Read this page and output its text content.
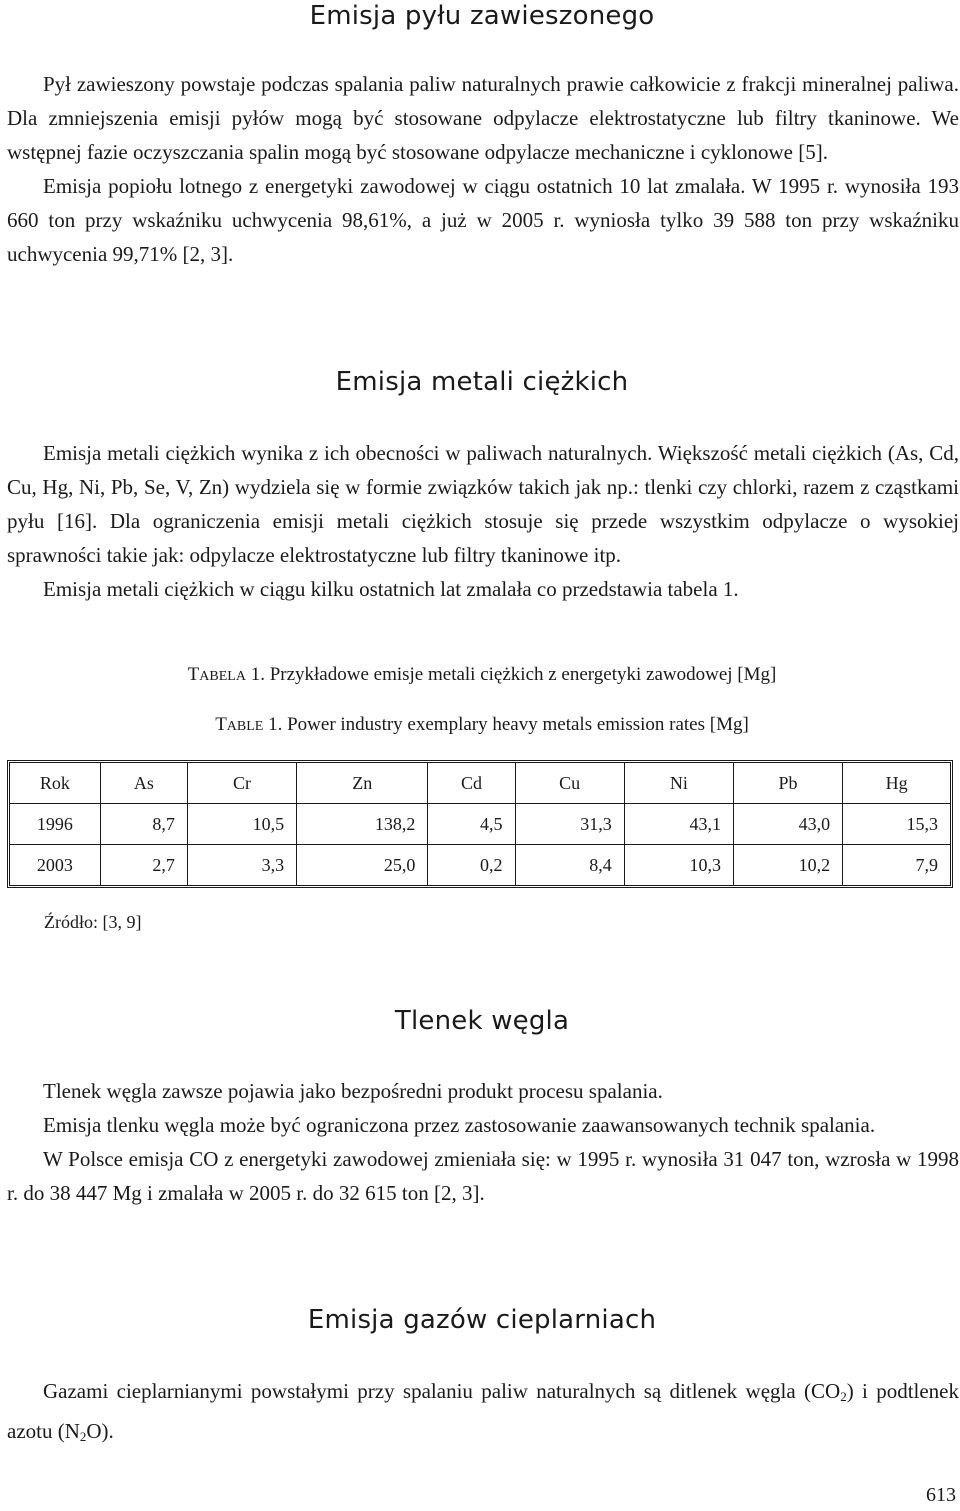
Emisja pyłu zawieszonego

Pył zawieszony powstaje podczas spalania paliw naturalnych prawie całkowicie z frakcji mineralnej paliwa. Dla zmniejszenia emisji pyłów mogą być stosowane odpylacze elektrostatyczne lub filtry tkaninowe. We wstępnej fazie oczyszczania spalin mogą być stosowane odpylacze mechaniczne i cyklonowe [5].

Emisja popiołu lotnego z energetyki zawodowej w ciągu ostatnich 10 lat zmalała. W 1995 r. wynosiła 193 660 ton przy wskaźniku uchwycenia 98,61%, a już w 2005 r. wyniosła tylko 39 588 ton przy wskaźniku uchwycenia 99,71% [2, 3].

Emisja metali ciężkich

Emisja metali ciężkich wynika z ich obecności w paliwach naturalnych. Większość metali ciężkich (As, Cd, Cu, Hg, Ni, Pb, Se, V, Zn) wydziela się w formie związków takich jak np.: tlenki czy chlorki, razem z cząstkami pyłu [16]. Dla ograniczenia emisji metali ciężkich stosuje się przede wszystkim odpylacze o wysokiej sprawności takie jak: odpylacze elektrostatyczne lub filtry tkaninowe itp.

Emisja metali ciężkich w ciągu kilku ostatnich lat zmalała co przedstawia tabela 1.

TABELA 1. Przykładowe emisje metali ciężkich z energetyki zawodowej [Mg]
TABLE 1. Power industry exemplary heavy metals emission rates [Mg]
Rok	As	Cr	Zn	Cd	Cu	Ni	Pb	Hg
1996	8,7	10,5	138,2	4,5	31,3	43,1	43,0	15,3
2003	2,7	3,3	25,0	0,2	8,4	10,3	10,2	7,9
Źródło: [3, 9]
Tlenek węgla

Tlenek węgla zawsze pojawia jako bezpośredni produkt procesu spalania.

Emisja tlenku węgla może być ograniczona przez zastosowanie zaawansowanych technik spalania.

W Polsce emisja CO z energetyki zawodowej zmieniała się: w 1995 r. wynosiła 31 047 ton, wzrosła w 1998 r. do 38 447 Mg i zmalała w 2005 r. do 32 615 ton [2, 3].

Emisja gazów cieplarniach

Gazami cieplarnianymi powstałymi przy spalaniu paliw naturalnych są ditlenek węgla $(CO_2)$ i podtlenek azotu $(N_2O)$.

613
